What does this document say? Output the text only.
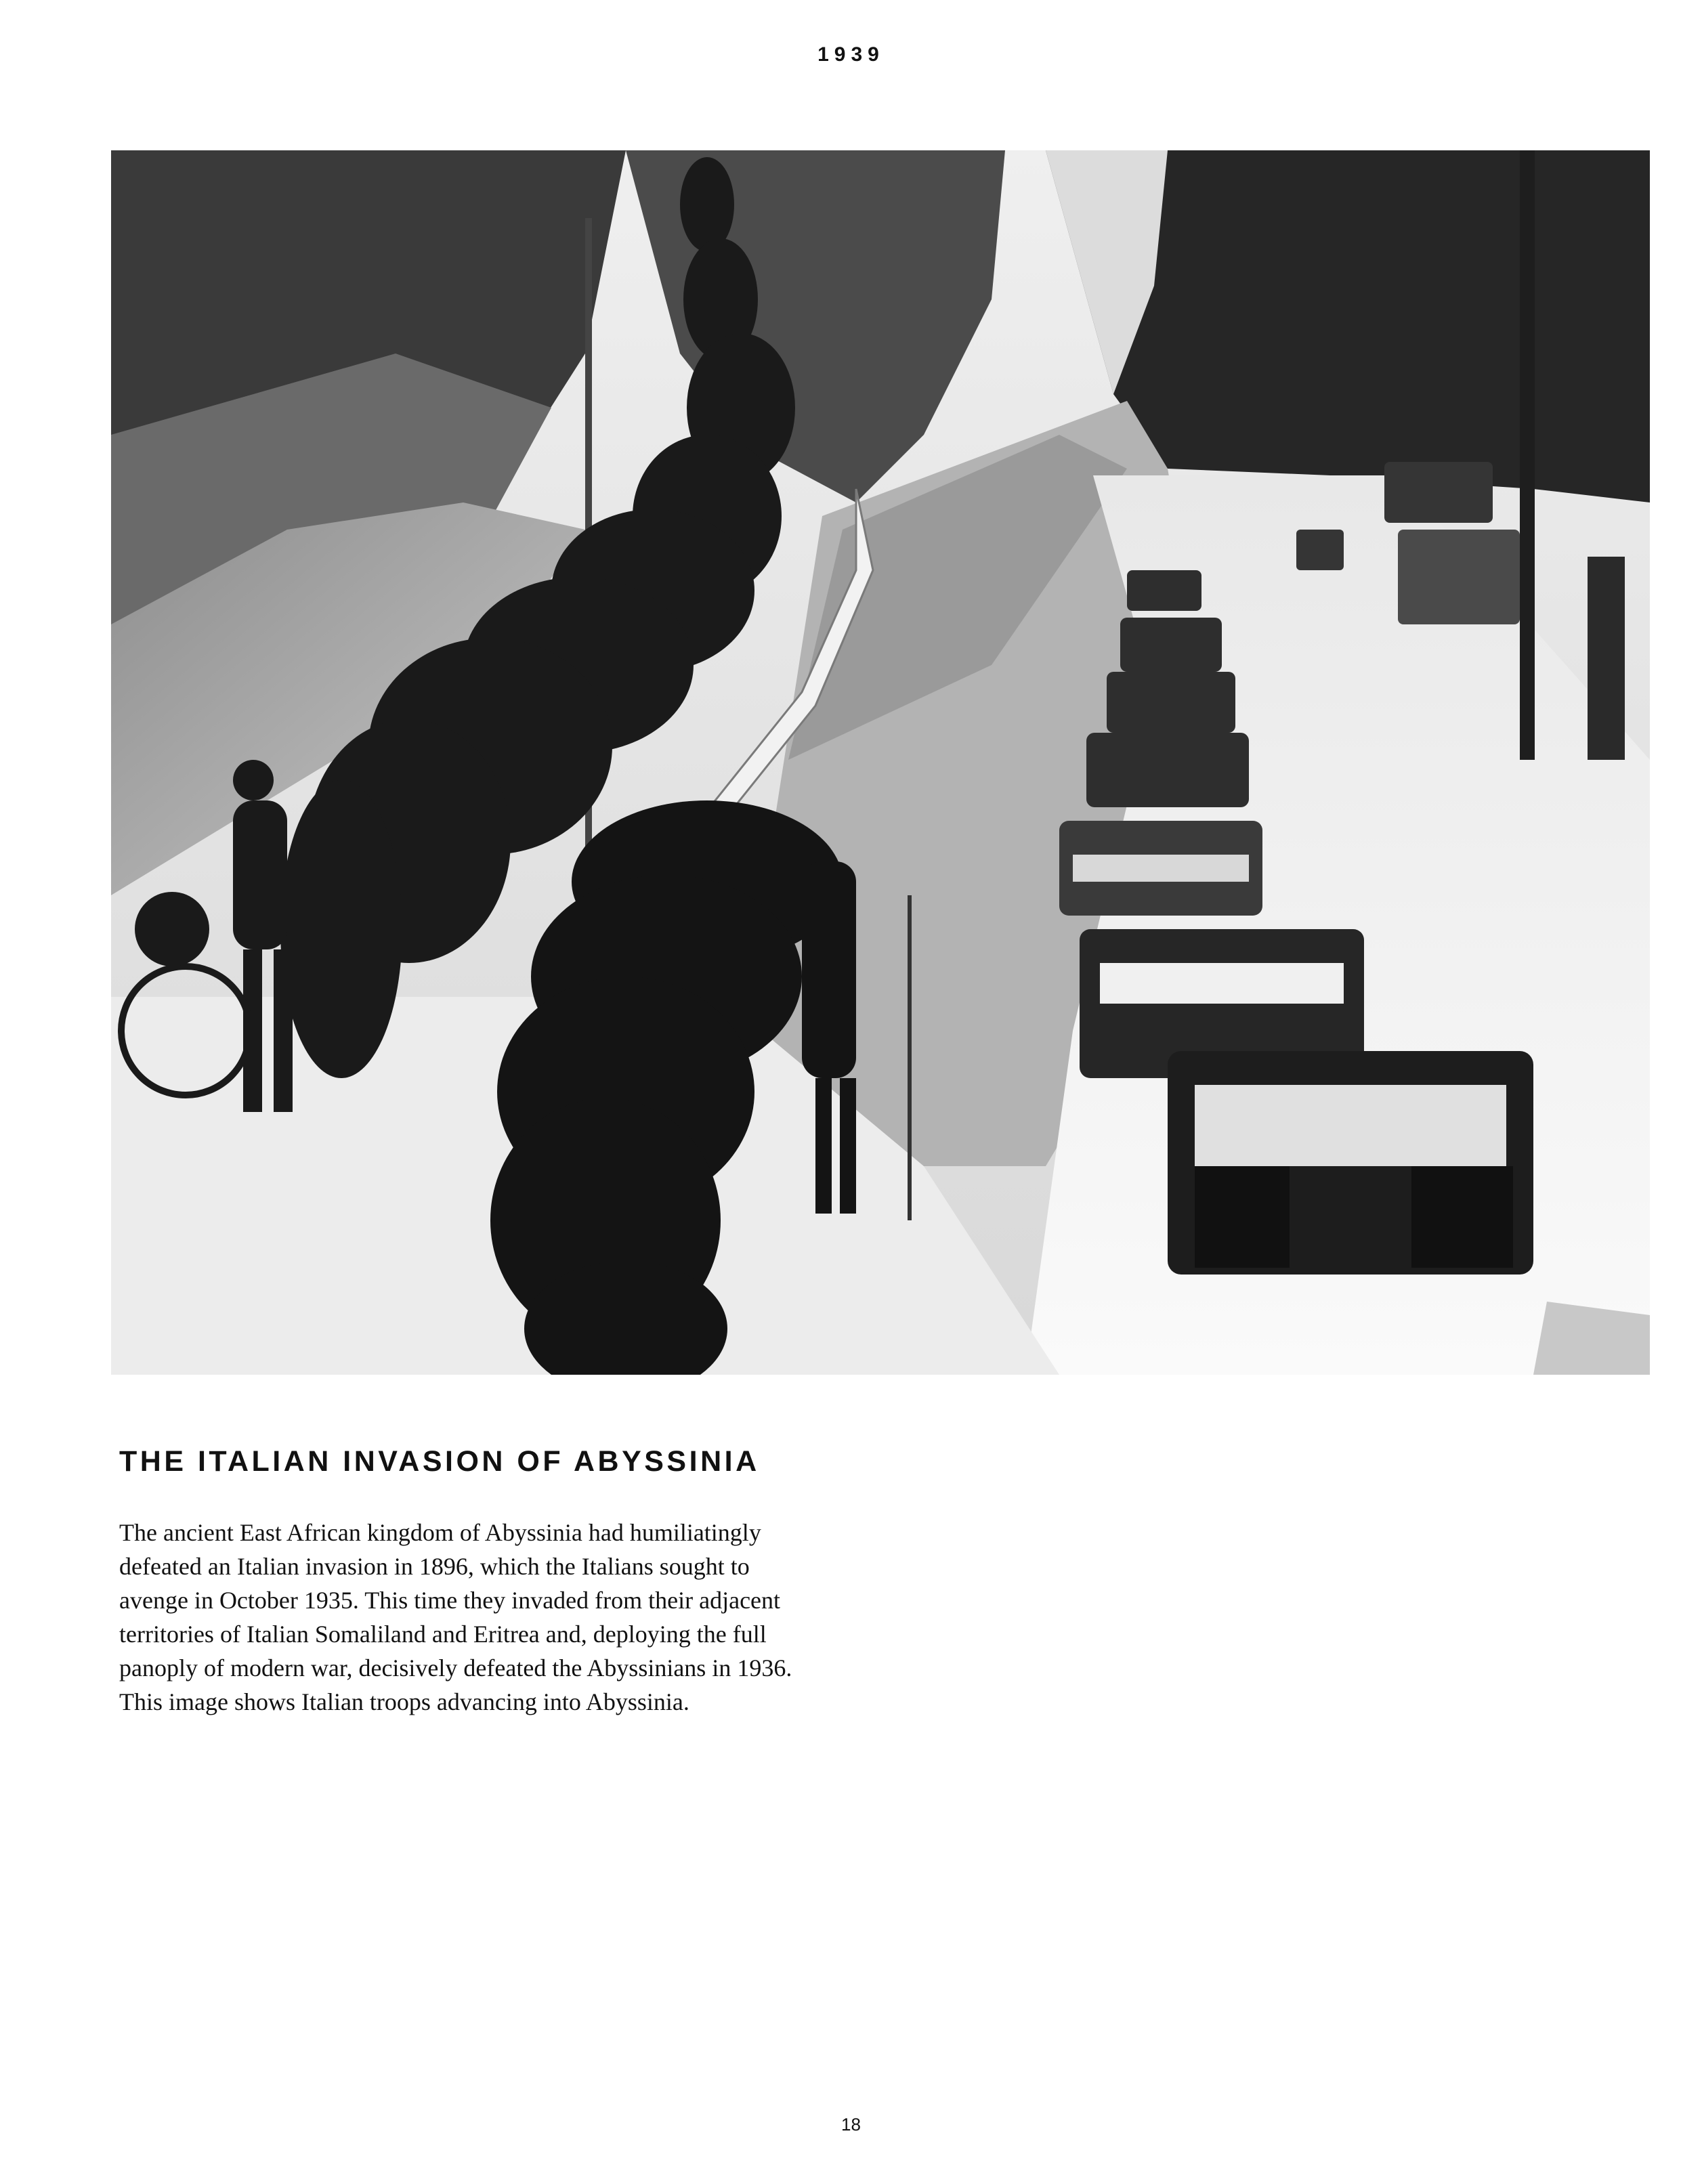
1939
THE ITALIAN INVASION OF ABYSSINIA

The ancient East African kingdom of Abyssinia had humiliatingly
defeated an Italian invasion in 1896, which the Italians sought to
avenge in October 1935. This time they invaded from their adjacent
territories of Italian Somaliland and Eritrea and, deploying the full
panoply of modern war, decisively defeated the Abyssinians in 1936.
This image shows Italian troops advancing into Abyssinia.

18
